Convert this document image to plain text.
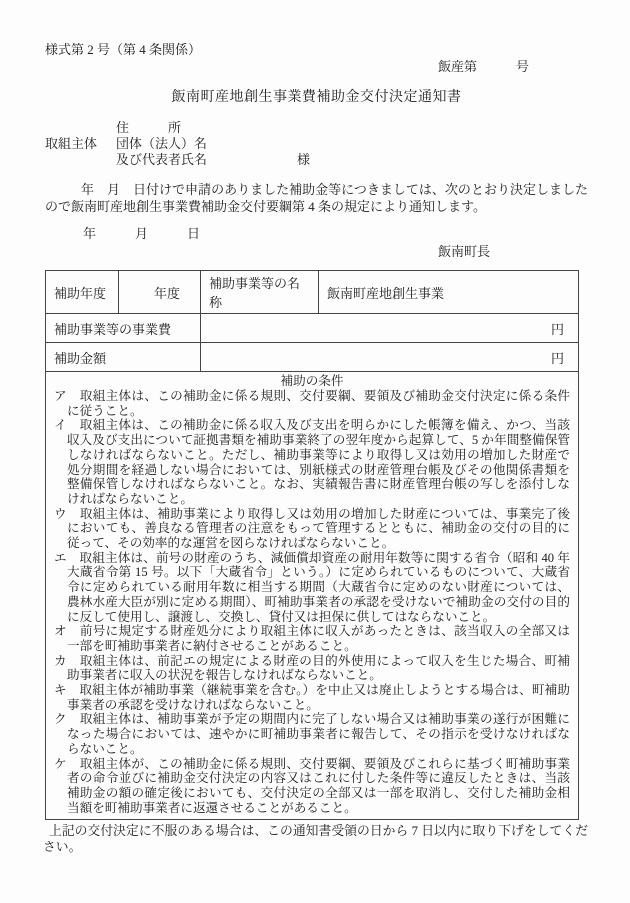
様式第 2 号（第 4 条関係）
飯産第　　　号
飯南町産地創生事業費補助金交付決定通知書
取組主体
住　　　所
団体（法人）名
及び代表者氏名	様

年　月　日付けで申請のありました補助金等につきましては、次のとおり決定しましたので飯南町産地創生事業費補助金交付要綱第 4 条の規定により通知します。

年　　　月　　　日
飯南町長
補助年度	年度	補助事業等の名称	飯南町産地創生事業
補助事業等の事業費		円	
補助金額		円	

補助の条件
ア　取組主体は、この補助金に係る規則、交付要綱、要領及び補助金交付決定に係る条件に従うこと。
イ　取組主体は、この補助金に係る収入及び支出を明らかにした帳簿を備え、かつ、当該収入及び支出について証拠書類を補助事業終了の翌年度から起算して、5 か年間整備保管しなければならないこと。ただし、補助事業等により取得し又は効用の増加した財産で処分期間を経過しない場合においては、別紙様式の財産管理台帳及びその他関係書類を整備保管しなければならないこと。なお、実績報告書に財産管理台帳の写しを添付しなければならないこと。
ウ　取組主体は、補助事業により取得し又は効用の増加した財産については、事業完了後においても、善良なる管理者の注意をもって管理するとともに、補助金の交付の目的に従って、その効率的な運営を図らなければならないこと。
エ　取組主体は、前号の財産のうち、減価償却資産の耐用年数等に関する省令（昭和 40 年大蔵省令第 15 号。以下「大蔵省令」という。）に定められているものについて、大蔵省令に定められている耐用年数に相当する期間（大蔵省令に定めのない財産については、農林水産大臣が別に定める期間）、町補助事業者の承認を受けないで補助金の交付の目的に反して使用し、譲渡し、交換し、貸付又は担保に供してはならないこと。
オ　前号に規定する財産処分により取組主体に収入があったときは、該当収入の全部又は一部を町補助事業者に納付させることがあること。
カ　取組主体は、前記エの規定による財産の目的外使用によって収入を生じた場合、町補助事業者に収入の状況を報告しなければならないこと。
キ　取組主体が補助事業（継続事業を含む。）を中止又は廃止しようとする場合は、町補助事業者の承認を受けなければならないこと。
ク　取組主体は、補助事業が予定の期間内に完了しない場合又は補助事業の遂行が困難になった場合においては、速やかに町補助事業者に報告して、その指示を受けなければならないこと。
ケ　取組主体が、この補助金に係る規則、交付要綱、要領及びこれらに基づく町補助事業者の命令並びに補助金交付決定の内容又はこれに付した条件等に違反したときは、当該補助金の額の確定後においても、交付決定の全部又は一部を取消し、交付した補助金相当額を町補助事業者に返還させることがあること。

上記の交付決定に不服のある場合は、この通知書受領の日から 7 日以内に取り下げをしてください。
